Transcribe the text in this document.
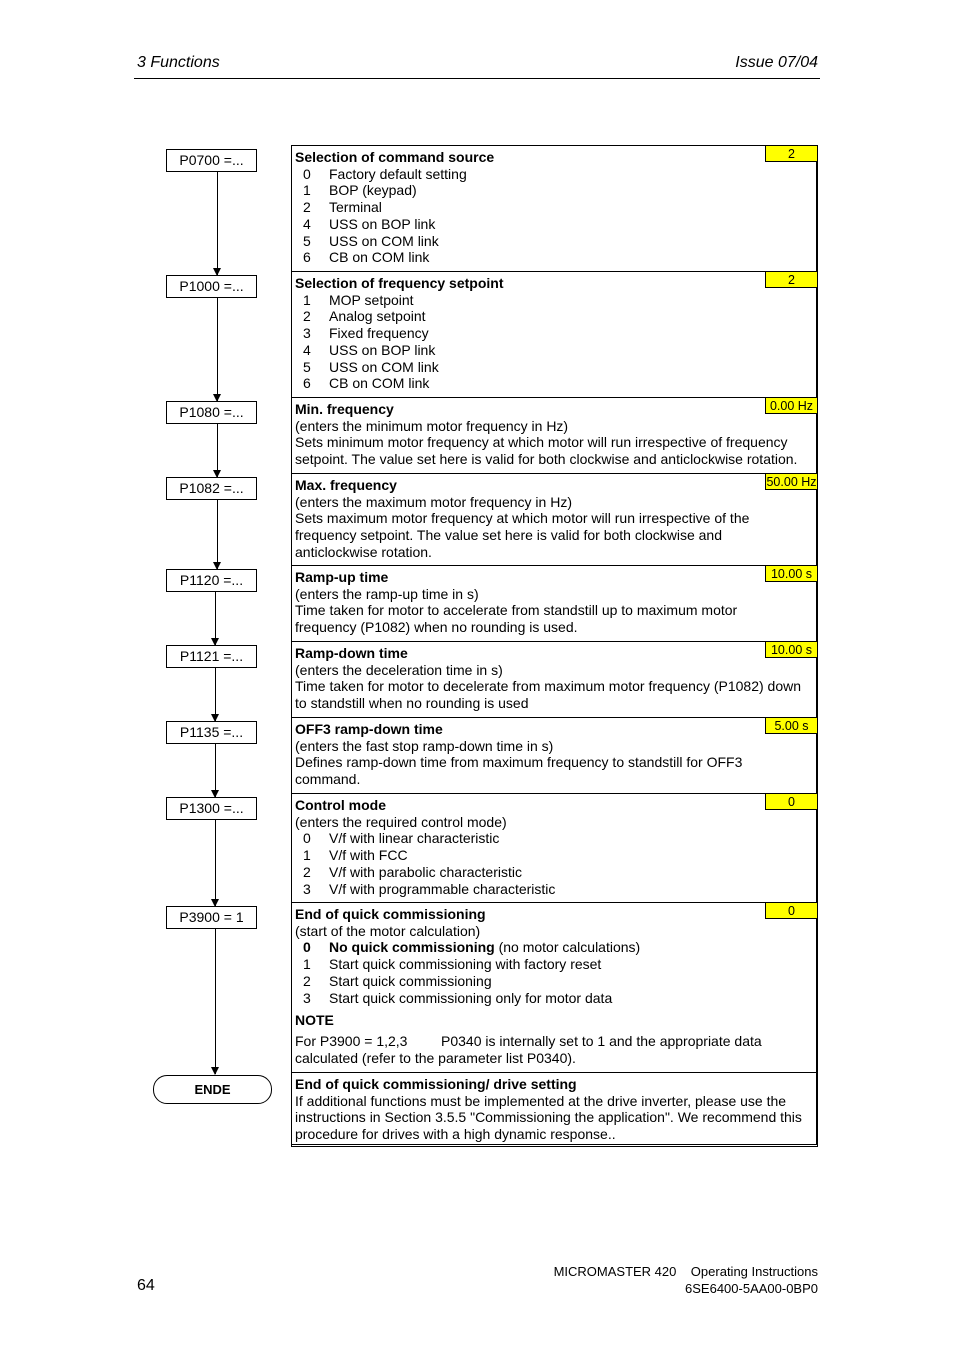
3 Functions	Issue 07/04
P0700 =...
P1000 =...
P1080 =...
P1082 =...
P1120 =...
P1121 =...
P1135 =...
P1300 =...
P3900 = 1
ENDE
2
Selection of command source
0	Factory default setting
1	BOP (keypad)
2	Terminal
4	USS on BOP link
5	USS on COM link
6	CB on COM link
2
Selection of frequency setpoint
1	MOP setpoint
2	Analog setpoint
3	Fixed frequency
4	USS on BOP link
5	USS on COM link
6	CB on COM link
0.00 Hz
Min. frequency
(enters the minimum motor frequency in Hz)
Sets minimum motor frequency at which motor will run irrespective of frequency
setpoint. The value set here is valid for both clockwise and anticlockwise rotation.
50.00 Hz
Max. frequency
(enters the maximum motor frequency in Hz)
Sets maximum motor frequency at which motor will run irrespective of the
frequency setpoint. The value set here is valid for both clockwise and
anticlockwise rotation.
10.00 s
Ramp-up time
(enters the ramp-up time in s)
Time taken for motor to accelerate from standstill up to maximum motor
frequency (P1082) when no rounding is used.
10.00 s
Ramp-down time
(enters the deceleration time in s)
Time taken for motor to decelerate from maximum motor frequency (P1082) down
to standstill when no rounding is used
5.00 s
OFF3 ramp-down time
(enters the fast stop ramp-down time in s)
Defines ramp-down time from maximum frequency to standstill for OFF3
command.
0
Control mode
(enters the required control mode)
0	V/f with linear characteristic
1	V/f with FCC
2	V/f with parabolic characteristic
3	V/f with programmable characteristic
0
End of quick commissioning
(start of the motor calculation)
0	No quick commissioning (no motor calculations)
1	Start quick commissioning with factory reset
2	Start quick commissioning
3	Start quick commissioning only for motor data
NOTE
For P3900 = 1,2,3 P0340 is internally set to 1 and the appropriate data
calculated (refer to the parameter list P0340).
End of quick commissioning/ drive setting
If additional functions must be implemented at the drive inverter, please use the
instructions in Section 3.5.5 "Commissioning the application". We recommend this
procedure for drives with a high dynamic response..
64
MICROMASTER 420    Operating Instructions
6SE6400-5AA00-0BP0
